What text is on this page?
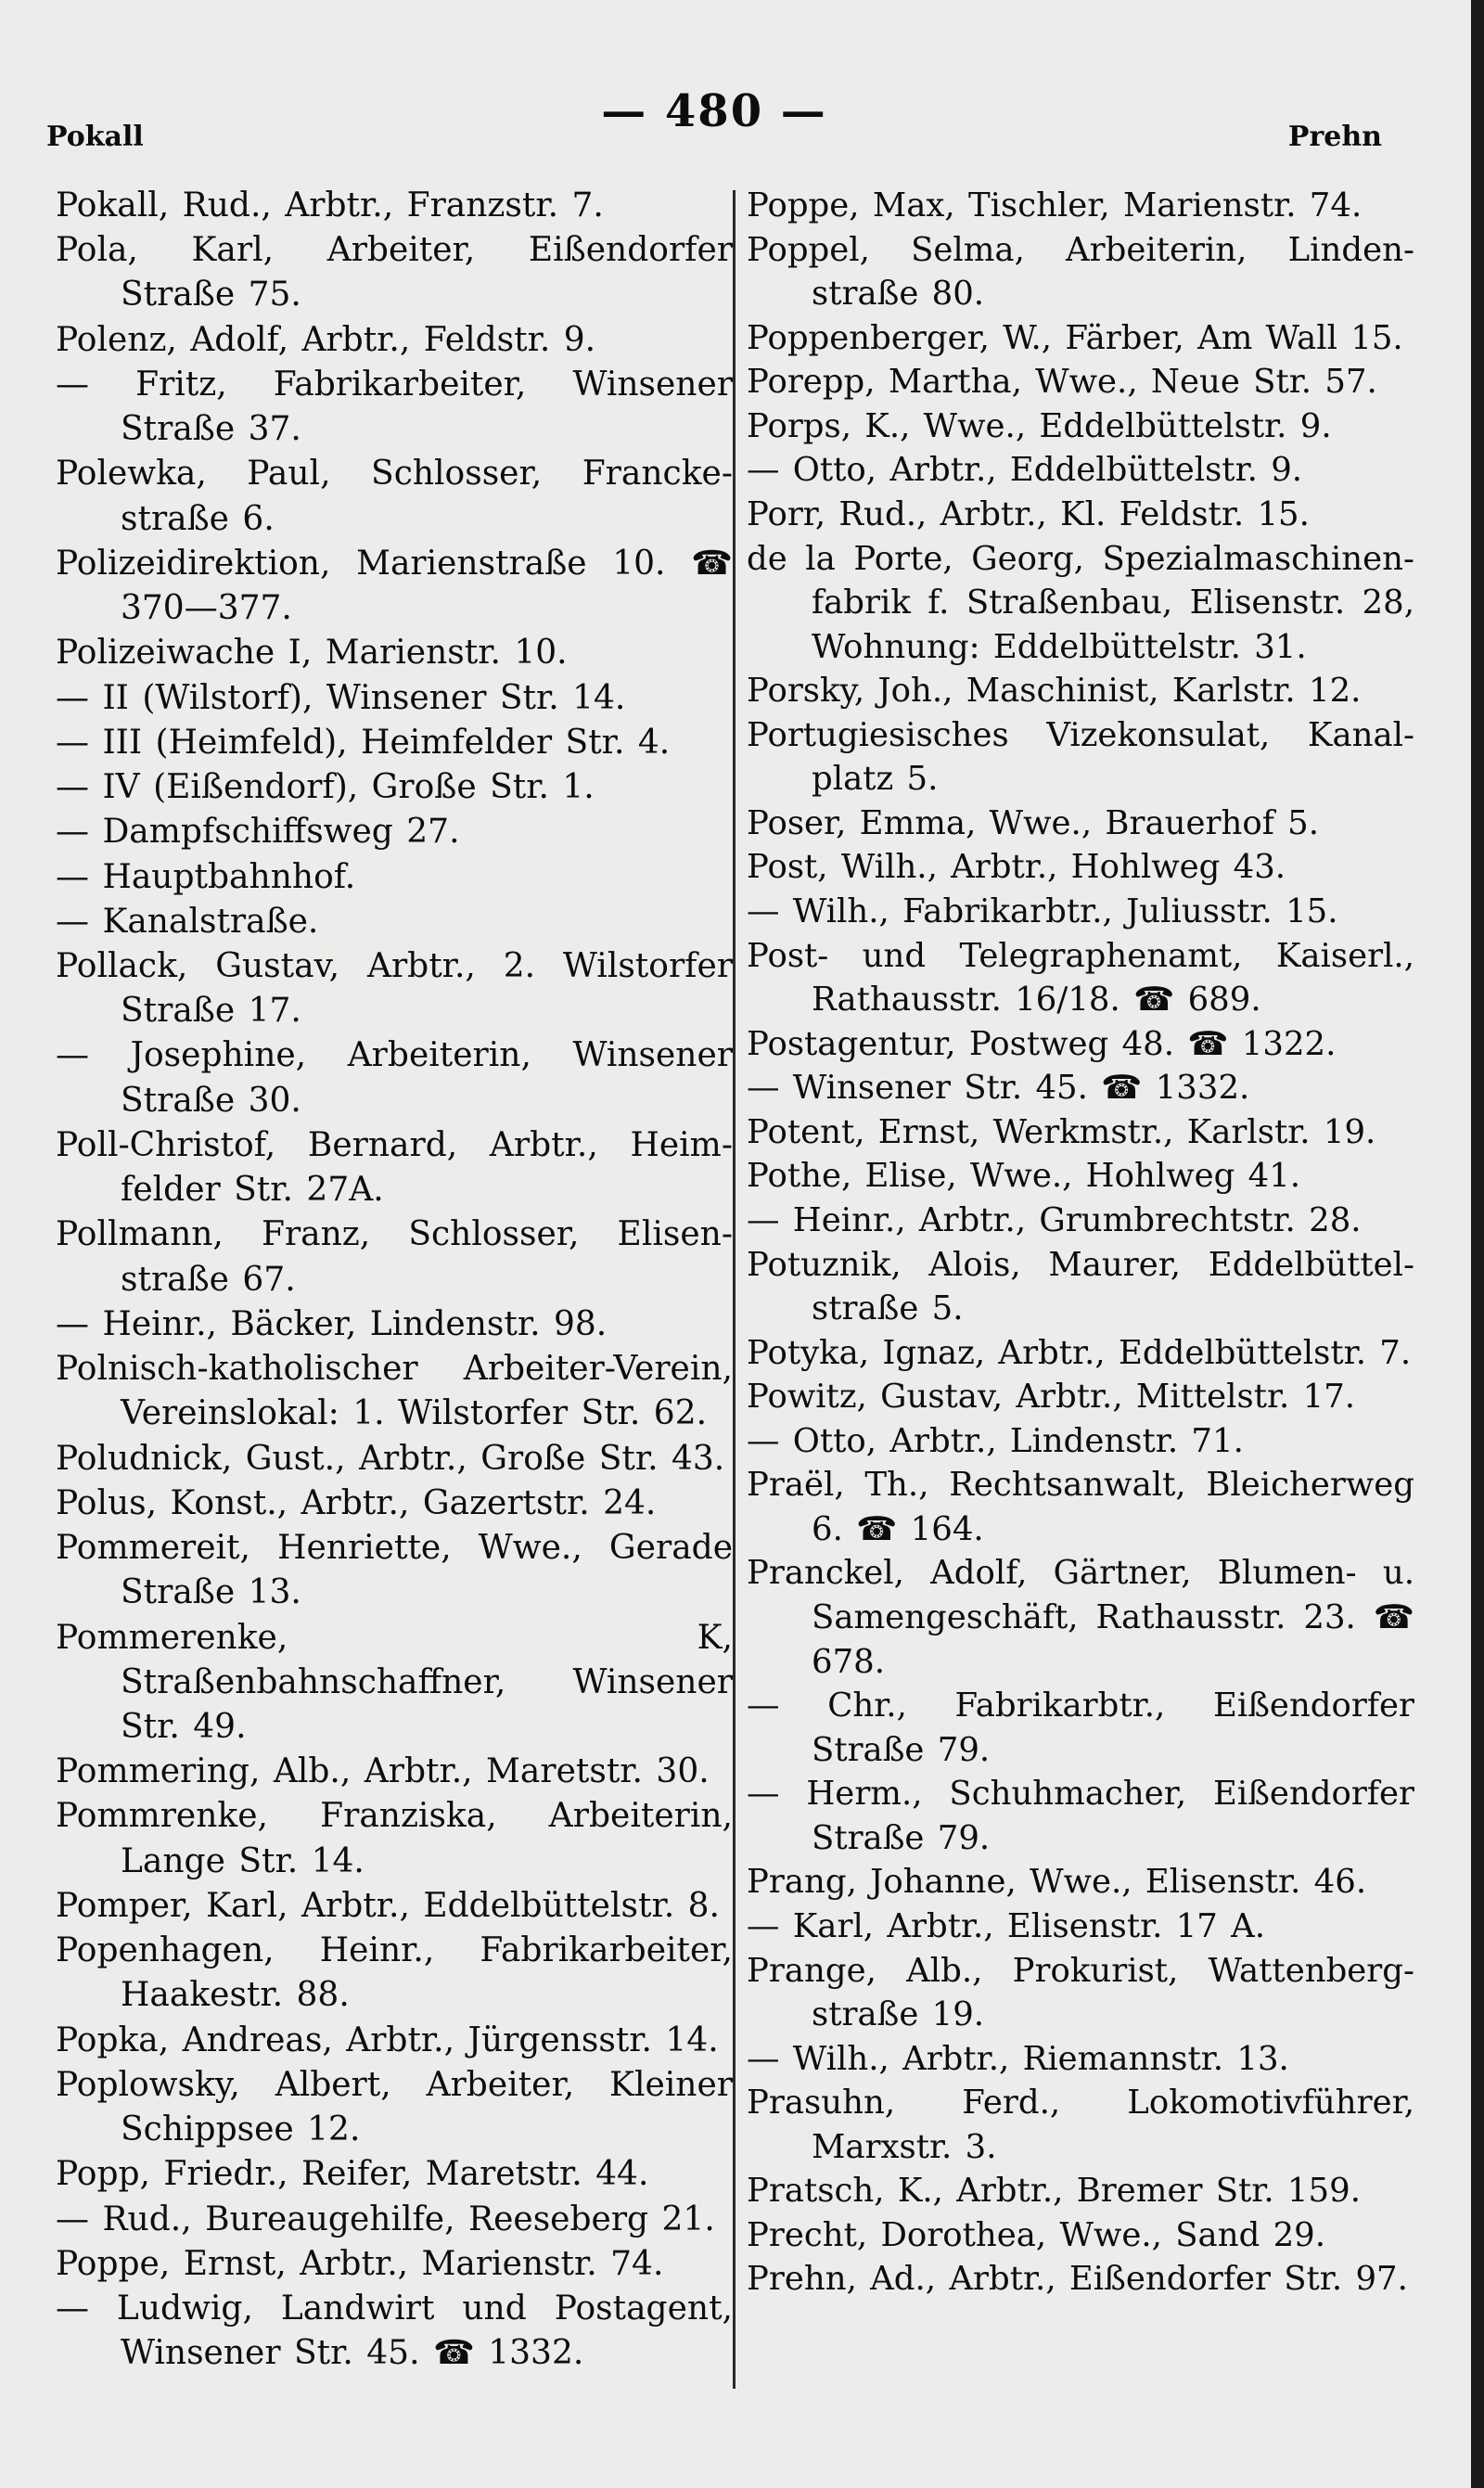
Pokall	— 480 —	Prehn

Pokall, Rud., Arbtr., Franzstr. 7.

Pola, Karl, Arbeiter, Eißendorfer Straße 75.

Polenz, Adolf, Arbtr., Feldstr. 9.

— Fritz, Fabrikarbeiter, Winsener Straße 37.

Polewka, Paul, Schlosser, Franckestraße 6.

Polizeidirektion, Marienstraße 10. ☎ 370—377.

Polizeiwache I, Marienstr. 10.

— II (Wilstorf), Winsener Str. 14.

— III (Heimfeld), Heimfelder Str. 4.

— IV (Eißendorf), Große Str. 1.

— Dampfschiffsweg 27.

— Hauptbahnhof.

— Kanalstraße.

Pollack, Gustav, Arbtr., 2. Wilstorfer Straße 17.

— Josephine, Arbeiterin, Winsener Straße 30.

Poll-Christof, Bernard, Arbtr., Heimfelder Str. 27A.

Pollmann, Franz, Schlosser, Elisenstraße 67.

— Heinr., Bäcker, Lindenstr. 98.

Polnisch-katholischer Arbeiter-Verein, Vereinslokal: 1. Wilstorfer Str. 62.

Poludnick, Gust., Arbtr., Große Str. 43.

Polus, Konst., Arbtr., Gazertstr. 24.

Pommereit, Henriette, Wwe., Gerade Straße 13.

Pommerenke, K, Straßenbahnschaffner, Winsener Str. 49.

Pommering, Alb., Arbtr., Maretstr. 30.

Pommrenke, Franziska, Arbeiterin, Lange Str. 14.

Pomper, Karl, Arbtr., Eddelbüttelstr. 8.

Popenhagen, Heinr., Fabrikarbeiter, Haakestr. 88.

Popka, Andreas, Arbtr., Jürgensstr. 14.

Poplowsky, Albert, Arbeiter, Kleiner Schippsee 12.

Popp, Friedr., Reifer, Maretstr. 44.

— Rud., Bureaugehilfe, Reeseberg 21.

Poppe, Ernst, Arbtr., Marienstr. 74.

— Ludwig, Landwirt und Postagent, Winsener Str. 45. ☎ 1332.

Poppe, Max, Tischler, Marienstr. 74.

Poppel, Selma, Arbeiterin, Lindenstraße 80.

Poppenberger, W., Färber, Am Wall 15.

Porepp, Martha, Wwe., Neue Str. 57.

Porps, K., Wwe., Eddelbüttelstr. 9.

— Otto, Arbtr., Eddelbüttelstr. 9.

Porr, Rud., Arbtr., Kl. Feldstr. 15.

de la Porte, Georg, Spezialmaschinenfabrik f. Straßenbau, Elisenstr. 28, Wohnung: Eddelbüttelstr. 31.

Porsky, Joh., Maschinist, Karlstr. 12.

Portugiesisches Vizekonsulat, Kanalplatz 5.

Poser, Emma, Wwe., Brauerhof 5.

Post, Wilh., Arbtr., Hohlweg 43.

— Wilh., Fabrikarbtr., Juliusstr. 15.

Post- und Telegraphenamt, Kaiserl., Rathausstr. 16/18. ☎ 689.

Postagentur, Postweg 48. ☎ 1322.

— Winsener Str. 45. ☎ 1332.

Potent, Ernst, Werkmstr., Karlstr. 19.

Pothe, Elise, Wwe., Hohlweg 41.

— Heinr., Arbtr., Grumbrechtstr. 28.

Potuznik, Alois, Maurer, Eddelbüttelstraße 5.

Potyka, Ignaz, Arbtr., Eddelbüttelstr. 7.

Powitz, Gustav, Arbtr., Mittelstr. 17.

— Otto, Arbtr., Lindenstr. 71.

Praël, Th., Rechtsanwalt, Bleicherweg 6. ☎ 164.

Pranckel, Adolf, Gärtner, Blumen- u. Samengeschäft, Rathausstr. 23. ☎ 678.

— Chr., Fabrikarbtr., Eißendorfer Straße 79.

— Herm., Schuhmacher, Eißendorfer Straße 79.

Prang, Johanne, Wwe., Elisenstr. 46.

— Karl, Arbtr., Elisenstr. 17 A.

Prange, Alb., Prokurist, Wattenbergstraße 19.

— Wilh., Arbtr., Riemannstr. 13.

Prasuhn, Ferd., Lokomotivführer, Marxstr. 3.

Pratsch, K., Arbtr., Bremer Str. 159.

Precht, Dorothea, Wwe., Sand 29.

Prehn, Ad., Arbtr., Eißendorfer Str. 97.
